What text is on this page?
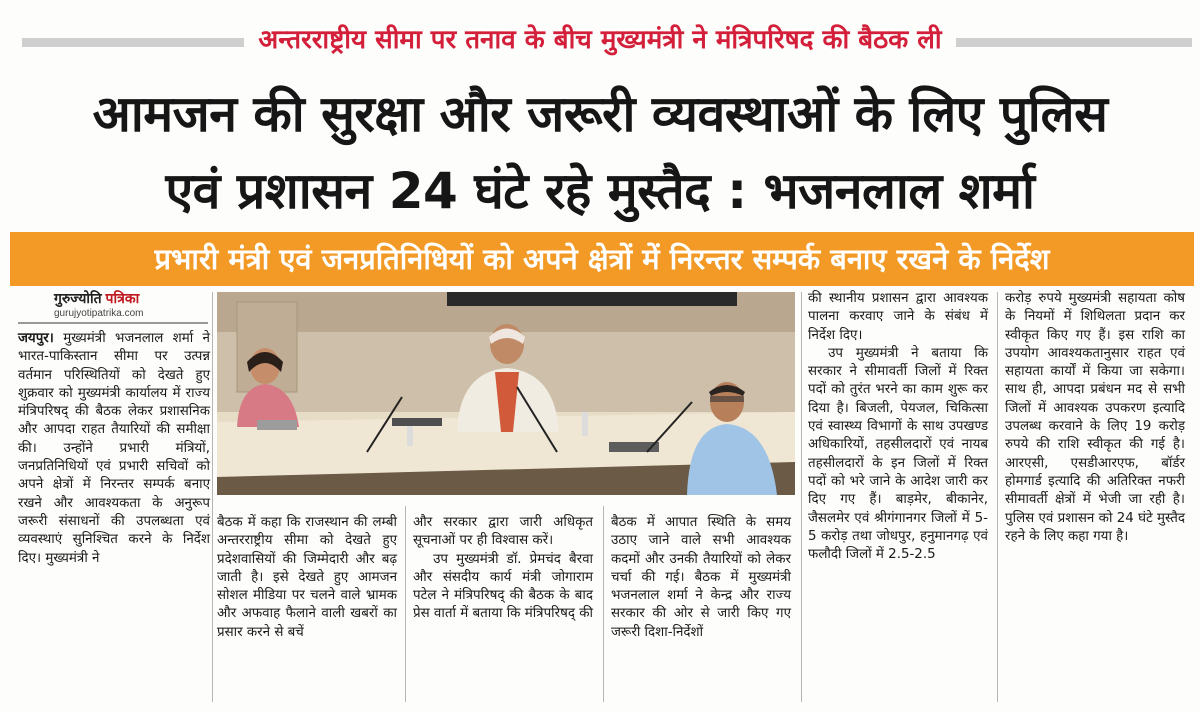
अन्तरराष्ट्रीय सीमा पर तनाव के बीच मुख्यमंत्री ने मंत्रिपरिषद की बैठक ली
आमजन की सुरक्षा और जरूरी व्यवस्थाओं के लिए पुलिस
एवं प्रशासन 24 घंटे रहे मुस्तैद : भजनलाल शर्मा
प्रभारी मंत्री एवं जनप्रतिनिधियों को अपने क्षेत्रों में निरन्तर सम्पर्क बनाए रखने के निर्देश
गुरुज्योति पत्रिका
gurujyotipatrika.com

जयपुर। मुख्यमंत्री भजनलाल शर्मा ने भारत-पाकिस्तान सीमा पर उत्पन्न वर्तमान परिस्थितियों को देखते हुए शुक्रवार को मुख्यमंत्री कार्यालय में राज्य मंत्रिपरिषद् की बैठक लेकर प्रशासनिक और आपदा राहत तैयारियों की समीक्षा की। उन्होंने प्रभारी मंत्रियों, जनप्रतिनिधियों एवं प्रभारी सचिवों को अपने क्षेत्रों में निरन्तर सम्पर्क बनाए रखने और आवश्यकता के अनुरूप जरूरी संसाधनों की उपलब्धता एवं व्यवस्थाएं सुनिश्चित करने के निर्देश दिए। मुख्यमंत्री ने

बैठक में कहा कि राजस्थान की लम्बी अन्तरराष्ट्रीय सीमा को देखते हुए प्रदेशवासियों की जिम्मेदारी और बढ़ जाती है। इसे देखते हुए आमजन सोशल मीडिया पर चलने वाले भ्रामक और अफवाह फैलाने वाली खबरों का प्रसार करने से बचें

और सरकार द्वारा जारी अधिकृत सूचनाओं पर ही विश्वास करें।

उप मुख्यमंत्री डॉ. प्रेमचंद बैरवा और संसदीय कार्य मंत्री जोगाराम पटेल ने मंत्रिपरिषद् की बैठक के बाद प्रेस वार्ता में बताया कि मंत्रिपरिषद् की

बैठक में आपात स्थिति के समय उठाए जाने वाले सभी आवश्यक कदमों और उनकी तैयारियों को लेकर चर्चा की गई। बैठक में मुख्यमंत्री भजनलाल शर्मा ने केन्द्र और राज्य सरकार की ओर से जारी किए गए जरूरी दिशा-निर्देशों

की स्थानीय प्रशासन द्वारा आवश्यक पालना करवाए जाने के संबंध में निर्देश दिए।

उप मुख्यमंत्री ने बताया कि सरकार ने सीमावर्ती जिलों में रिक्त पदों को तुरंत भरने का काम शुरू कर दिया है। बिजली, पेयजल, चिकित्सा एवं स्वास्थ्य विभागों के साथ उपखण्ड अधिकारियों, तहसीलदारों एवं नायब तहसीलदारों के इन जिलों में रिक्त पदों को भरे जाने के आदेश जारी कर दिए गए हैं। बाड़मेर, बीकानेर, जैसलमेर एवं श्रीगंगानगर जिलों में 5-5 करोड़ तथा जोधपुर, हनुमानगढ़ एवं फलौदी जिलों में 2.5-2.5

करोड़ रुपये मुख्यमंत्री सहायता कोष के नियमों में शिथिलता प्रदान कर स्वीकृत किए गए हैं। इस राशि का उपयोग आवश्यकतानुसार राहत एवं सहायता कार्यों में किया जा सकेगा। साथ ही, आपदा प्रबंधन मद से सभी जिलों में आवश्यक उपकरण इत्यादि उपलब्ध करवाने के लिए 19 करोड़ रुपये की राशि स्वीकृत की गई है। आरएसी, एसडीआरएफ, बॉर्डर होमगार्ड इत्यादि की अतिरिक्त नफरी सीमावर्ती क्षेत्रों में भेजी जा रही है। पुलिस एवं प्रशासन को 24 घंटे मुस्तैद रहने के लिए कहा गया है।
